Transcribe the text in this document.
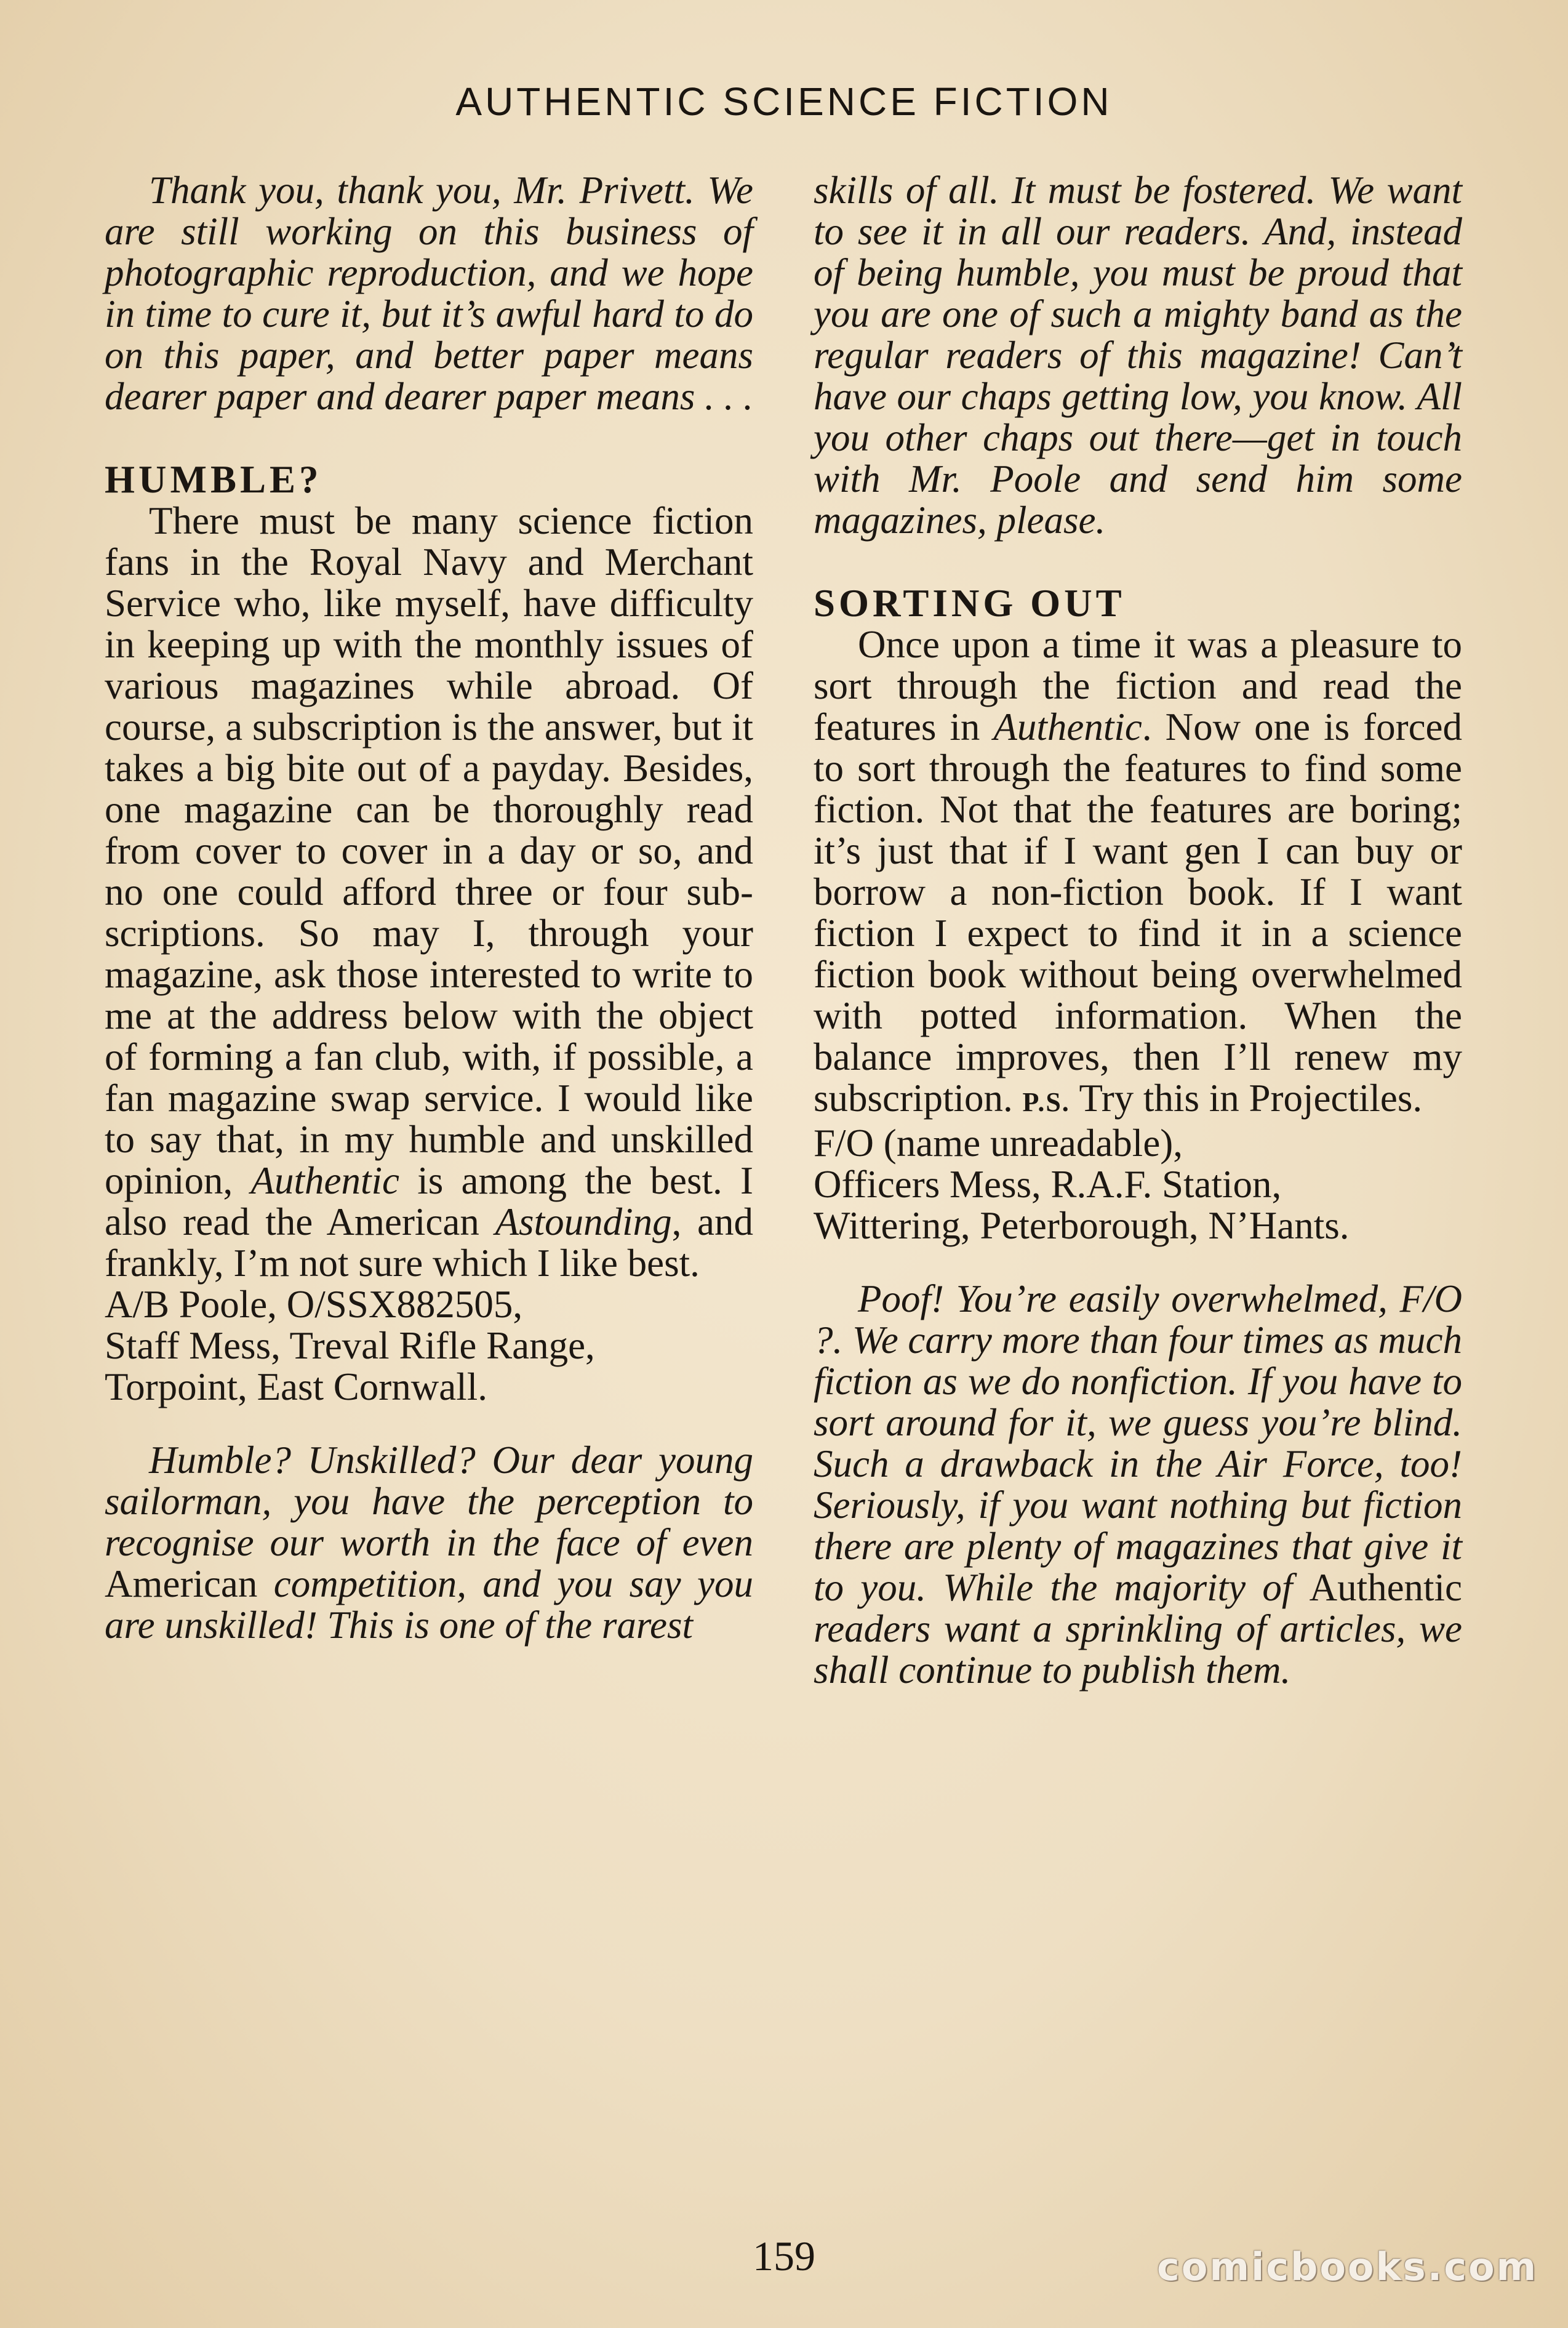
AUTHENTIC SCIENCE FICTION

Thank you, thank you, Mr. Privett. We are still working on this business of photographic reproduction, and we hope in time to cure it, but it’s awful hard to do on this paper, and better paper means dearer paper and dearer paper means . . .

HUMBLE?

There must be many science fiction fans in the Royal Navy and Merchant Service who, like myself, have difficulty in keeping up with the monthly issues of various magazines while abroad. Of course, a subscription is the answer, but it takes a big bite out of a payday. Besides, one magazine can be thoroughly read from cover to cover in a day or so, and no one could afford three or four subscriptions. So may I, through your magazine, ask those interested to write to me at the address below with the object of forming a fan club, with, if possible, a fan magazine swap service. I would like to say that, in my humble and unskilled opinion, Authentic is among the best. I also read the American Astounding, and frankly, I’m not sure which I like best.

A/B Poole, O/SSX882505,
Staff Mess, Treval Rifle Range,
Torpoint, East Cornwall.

Humble? Unskilled? Our dear young sailorman, you have the perception to recognise our worth in the face of even American competition, and you say you are unskilled! This is one of the rarest

skills of all. It must be fostered. We want to see it in all our readers. And, instead of being humble, you must be proud that you are one of such a mighty band as the regular readers of this magazine! Can’t have our chaps getting low, you know. All you other chaps out there—get in touch with Mr. Poole and send him some magazines, please.

SORTING OUT

Once upon a time it was a pleasure to sort through the fiction and read the features in Authentic. Now one is forced to sort through the features to find some fiction. Not that the features are boring; it’s just that if I want gen I can buy or borrow a non-fiction book. If I want fiction I expect to find it in a science fiction book without being overwhelmed with potted information. When the balance improves, then I’ll renew my subscription. P.S. Try this in Projectiles.

F/O (name unreadable),
Officers Mess, R.A.F. Station,
Wittering, Peterborough, N’Hants.

Poof! You’re easily overwhelmed, F/O ?. We carry more than four times as much fiction as we do nonfiction. If you have to sort around for it, we guess you’re blind. Such a drawback in the Air Force, too! Seriously, if you want nothing but fiction there are plenty of magazines that give it to you. While the majority of Authentic readers want a sprinkling of articles, we shall continue to publish them.

159	comicbooks.com
